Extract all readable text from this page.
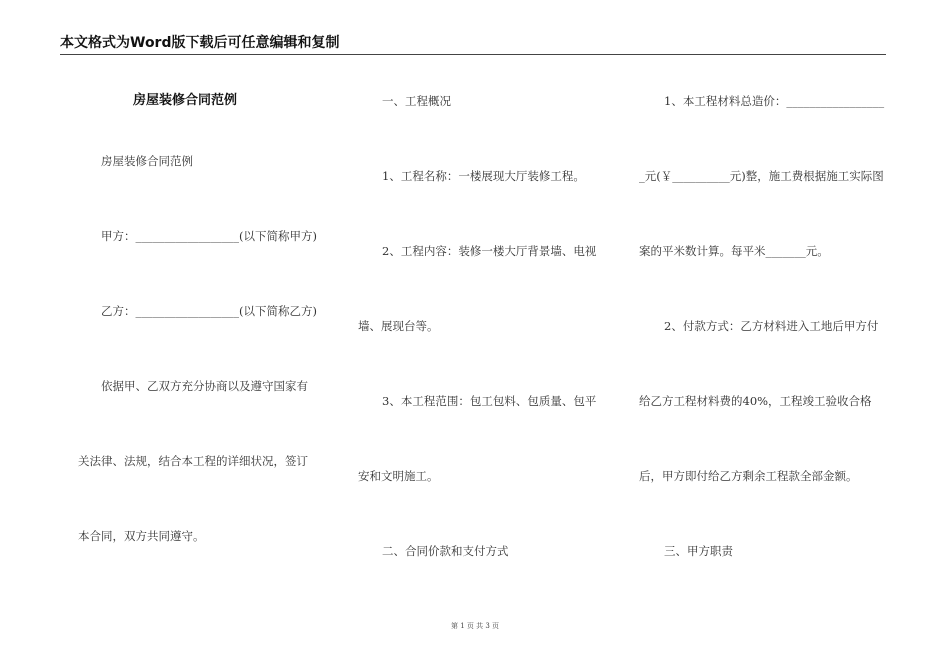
本文格式为Word版下载后可任意编辑和复制
房屋装修合同范例
房屋装修合同范例
甲方：__________________(以下简称甲方)
乙方：__________________(以下简称乙方)
依据甲、乙双方充分协商以及遵守国家有
关法律、法规，结合本工程的详细状况，签订
本合同，双方共同遵守。
一、工程概况
1、工程名称：一楼展现大厅装修工程。
2、工程内容：装修一楼大厅背景墙、电视
墙、展现台等。
3、本工程范围：包工包料、包质量、包平
安和文明施工。
二、合同价款和支付方式
1、本工程材料总造价：_________________
_元(￥__________元)整，施工费根据施工实际图
案的平米数计算。每平米_______元。
2、付款方式：乙方材料进入工地后甲方付
给乙方工程材料费的40%，工程竣工验收合格
后，甲方即付给乙方剩余工程款全部金额。
三、甲方职责
第 1 页 共 3 页
